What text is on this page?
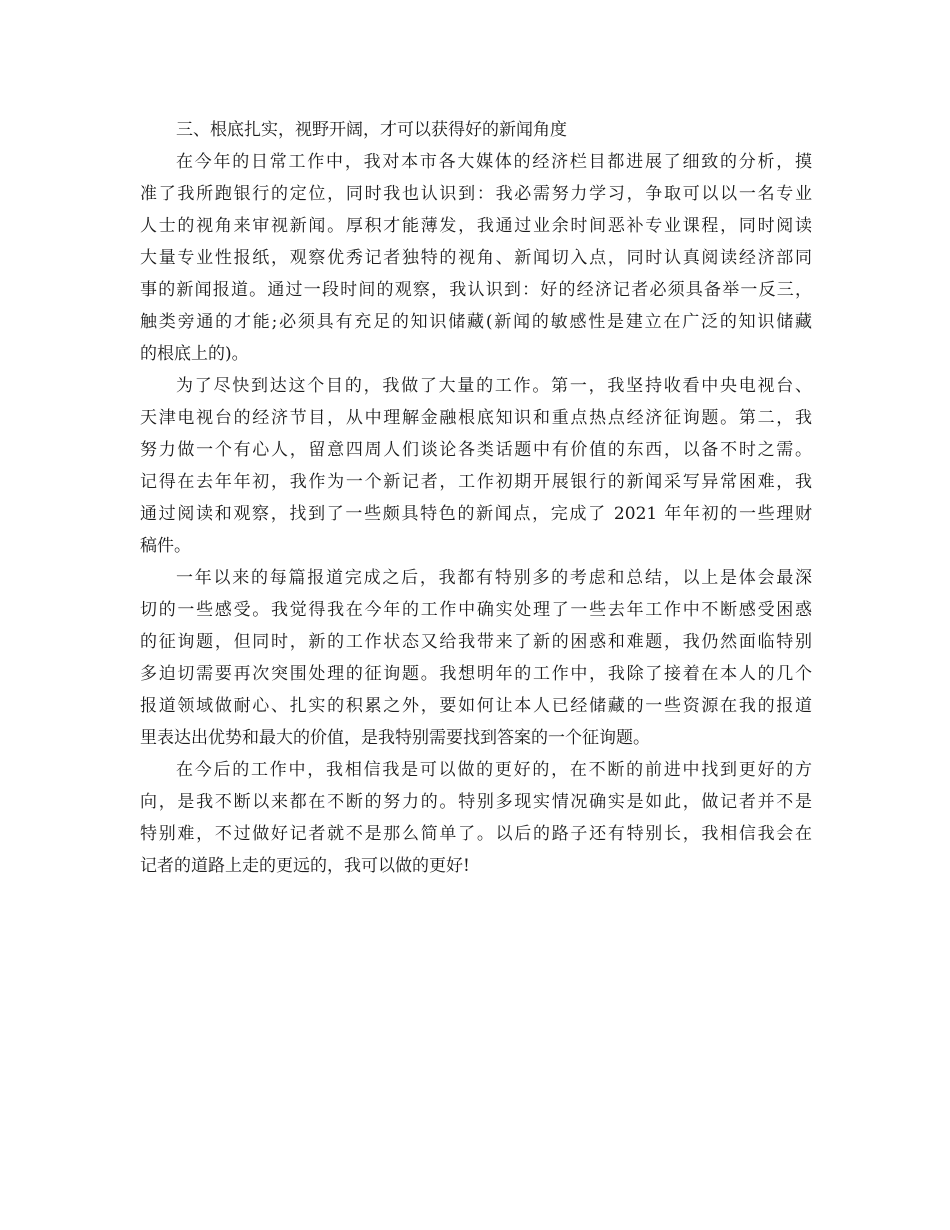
三、根底扎实，视野开阔，才可以获得好的新闻角度

在今年的日常工作中，我对本市各大媒体的经济栏目都进展了细致的分析，摸
准了我所跑银行的定位，同时我也认识到：我必需努力学习，争取可以以一名专业
人士的视角来审视新闻。厚积才能薄发，我通过业余时间恶补专业课程，同时阅读
大量专业性报纸，观察优秀记者独特的视角、新闻切入点，同时认真阅读经济部同
事的新闻报道。通过一段时间的观察，我认识到：好的经济记者必须具备举一反三，
触类旁通的才能;必须具有充足的知识储藏(新闻的敏感性是建立在广泛的知识储藏
的根底上的)。
为了尽快到达这个目的，我做了大量的工作。第一，我坚持收看中央电视台、
天津电视台的经济节目，从中理解金融根底知识和重点热点经济征询题。第二，我
努力做一个有心人，留意四周人们谈论各类话题中有价值的东西，以备不时之需。
记得在去年年初，我作为一个新记者，工作初期开展银行的新闻采写异常困难，我
通过阅读和观察，找到了一些颇具特色的新闻点，完成了 2021 年年初的一些理财
稿件。
一年以来的每篇报道完成之后，我都有特别多的考虑和总结，以上是体会最深
切的一些感受。我觉得我在今年的工作中确实处理了一些去年工作中不断感受困惑
的征询题，但同时，新的工作状态又给我带来了新的困惑和难题，我仍然面临特别
多迫切需要再次突围处理的征询题。我想明年的工作中，我除了接着在本人的几个
报道领域做耐心、扎实的积累之外，要如何让本人已经储藏的一些资源在我的报道
里表达出优势和最大的价值，是我特别需要找到答案的一个征询题。
在今后的工作中，我相信我是可以做的更好的，在不断的前进中找到更好的方
向，是我不断以来都在不断的努力的。特别多现实情况确实是如此，做记者并不是
特别难，不过做好记者就不是那么简单了。以后的路子还有特别长，我相信我会在
记者的道路上走的更远的，我可以做的更好!
